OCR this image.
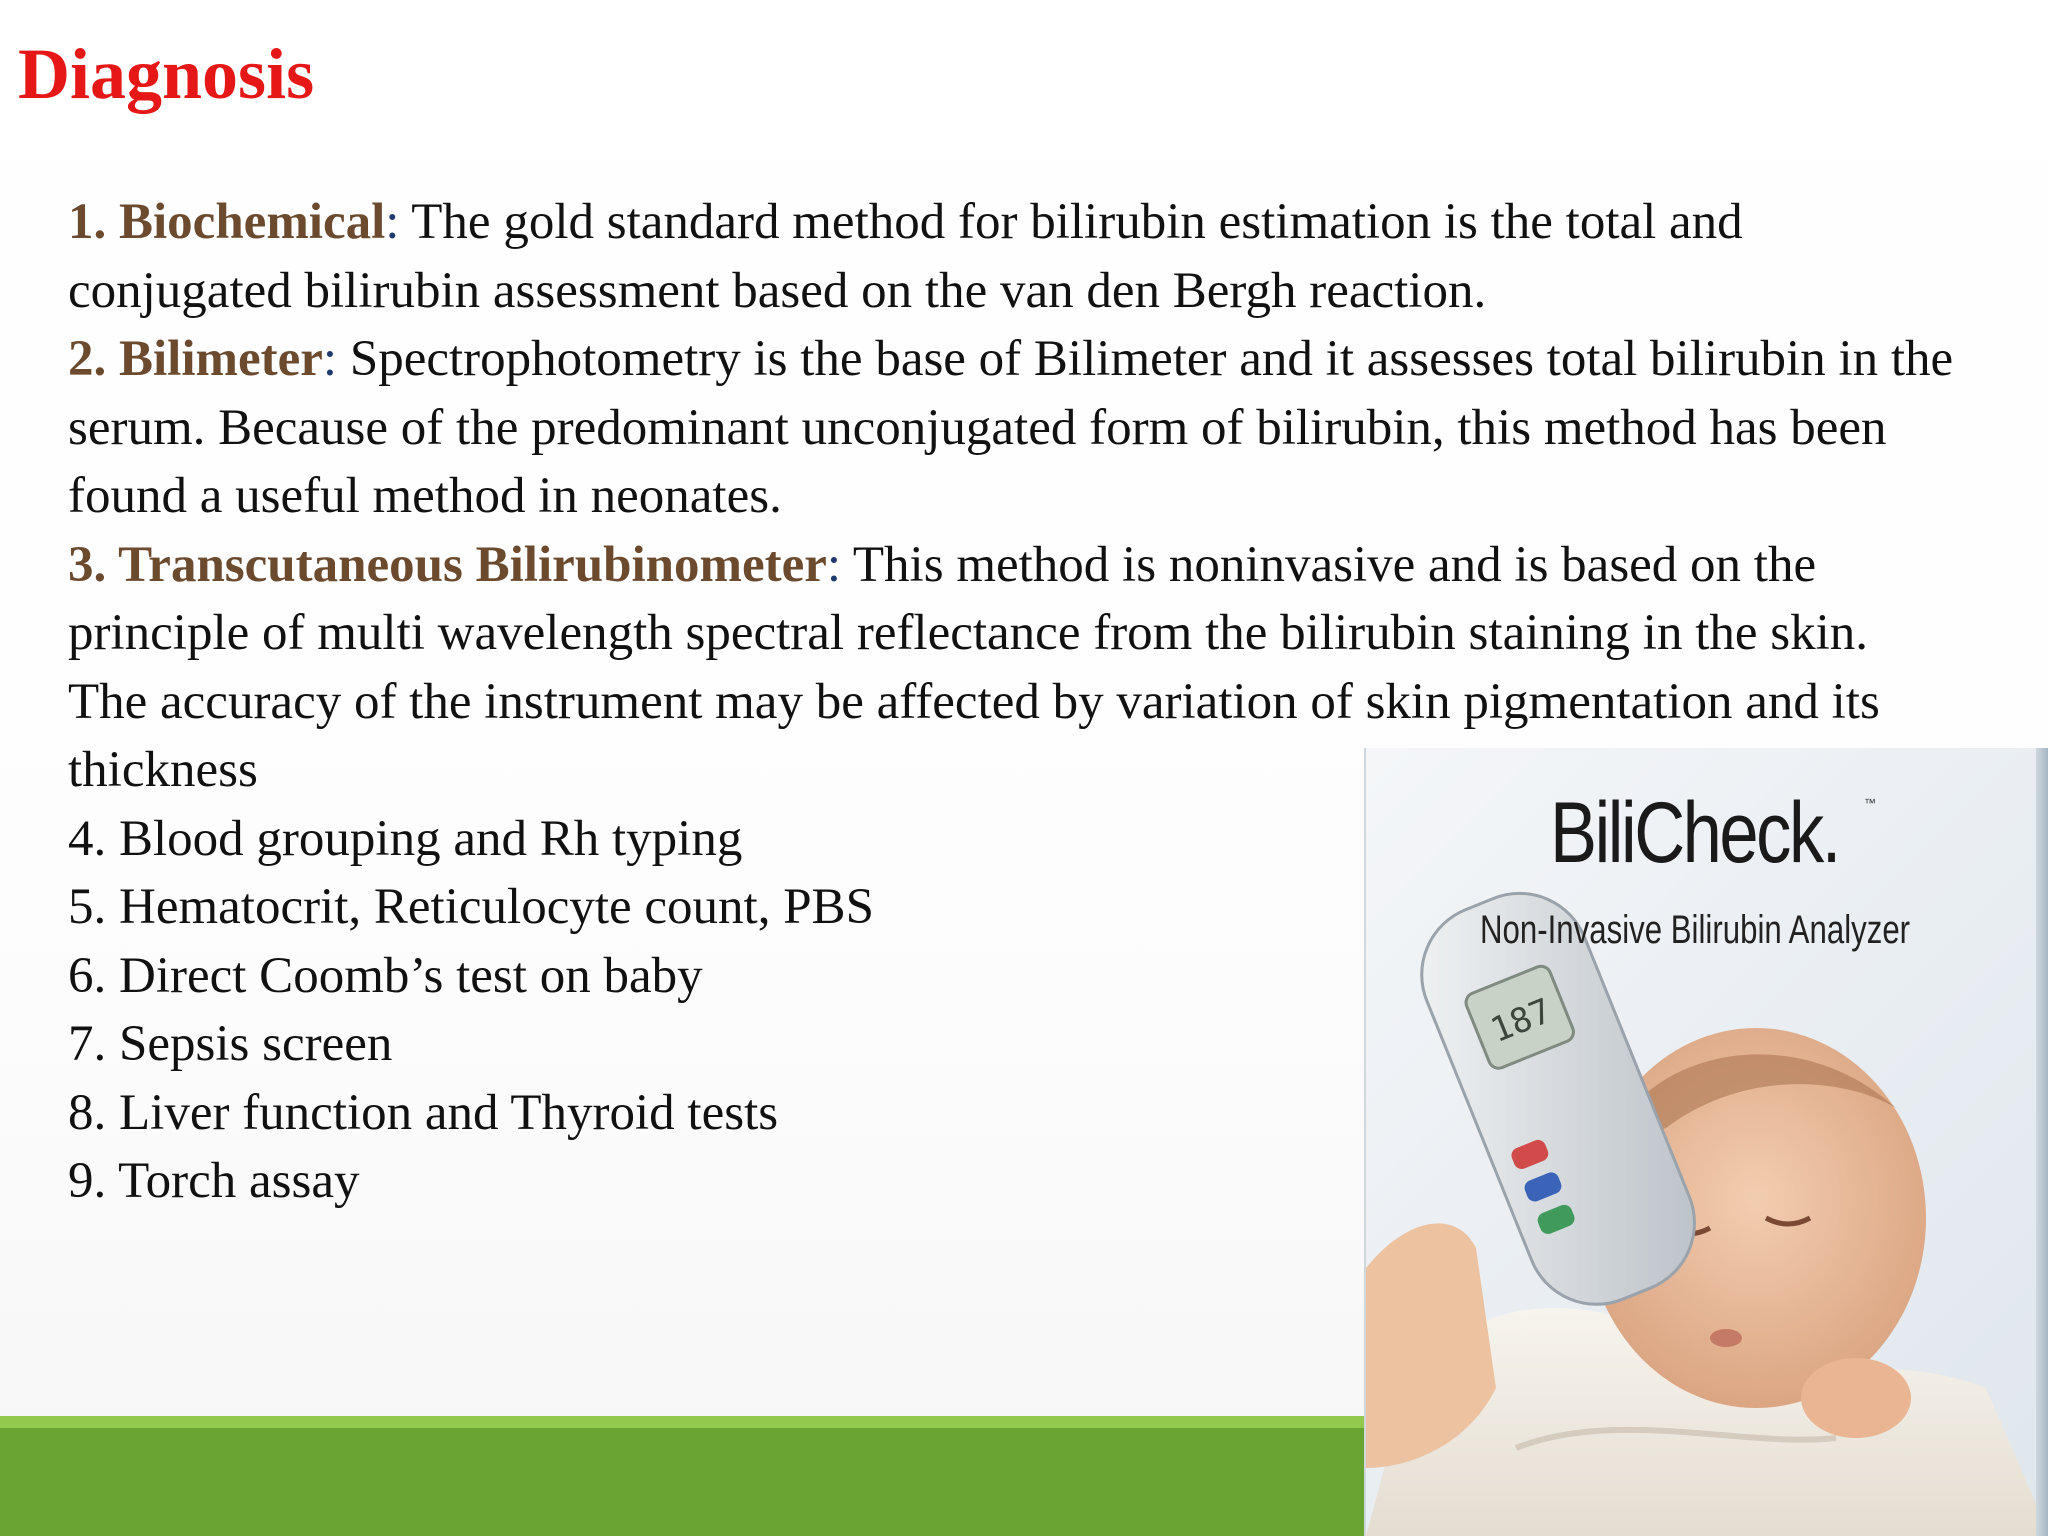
Diagnosis

1. Biochemical: The gold standard method for bilirubin estimation is the total and conjugated bilirubin assessment based on the van den Bergh reaction.

2. Bilimeter: Spectrophotometry is the base of Bilimeter and it assesses total bilirubin in the serum. Because of the predominant unconjugated form of bilirubin, this method has been found a useful method in neonates.

3. Transcutaneous Bilirubinometer: This method is noninvasive and is based on the principle of multi wavelength spectral reflectance from the bilirubin staining in the skin. The accuracy of the instrument may be affected by variation of skin pigmentation and its thickness

4. Blood grouping and Rh typing

5. Hematocrit, Reticulocyte count, PBS

6. Direct Coomb’s test on baby

7. Sepsis screen

8. Liver function and Thyroid tests

9. Torch assay

187
BiliCheck. ™
Non-Invasive Bilirubin Analyzer
